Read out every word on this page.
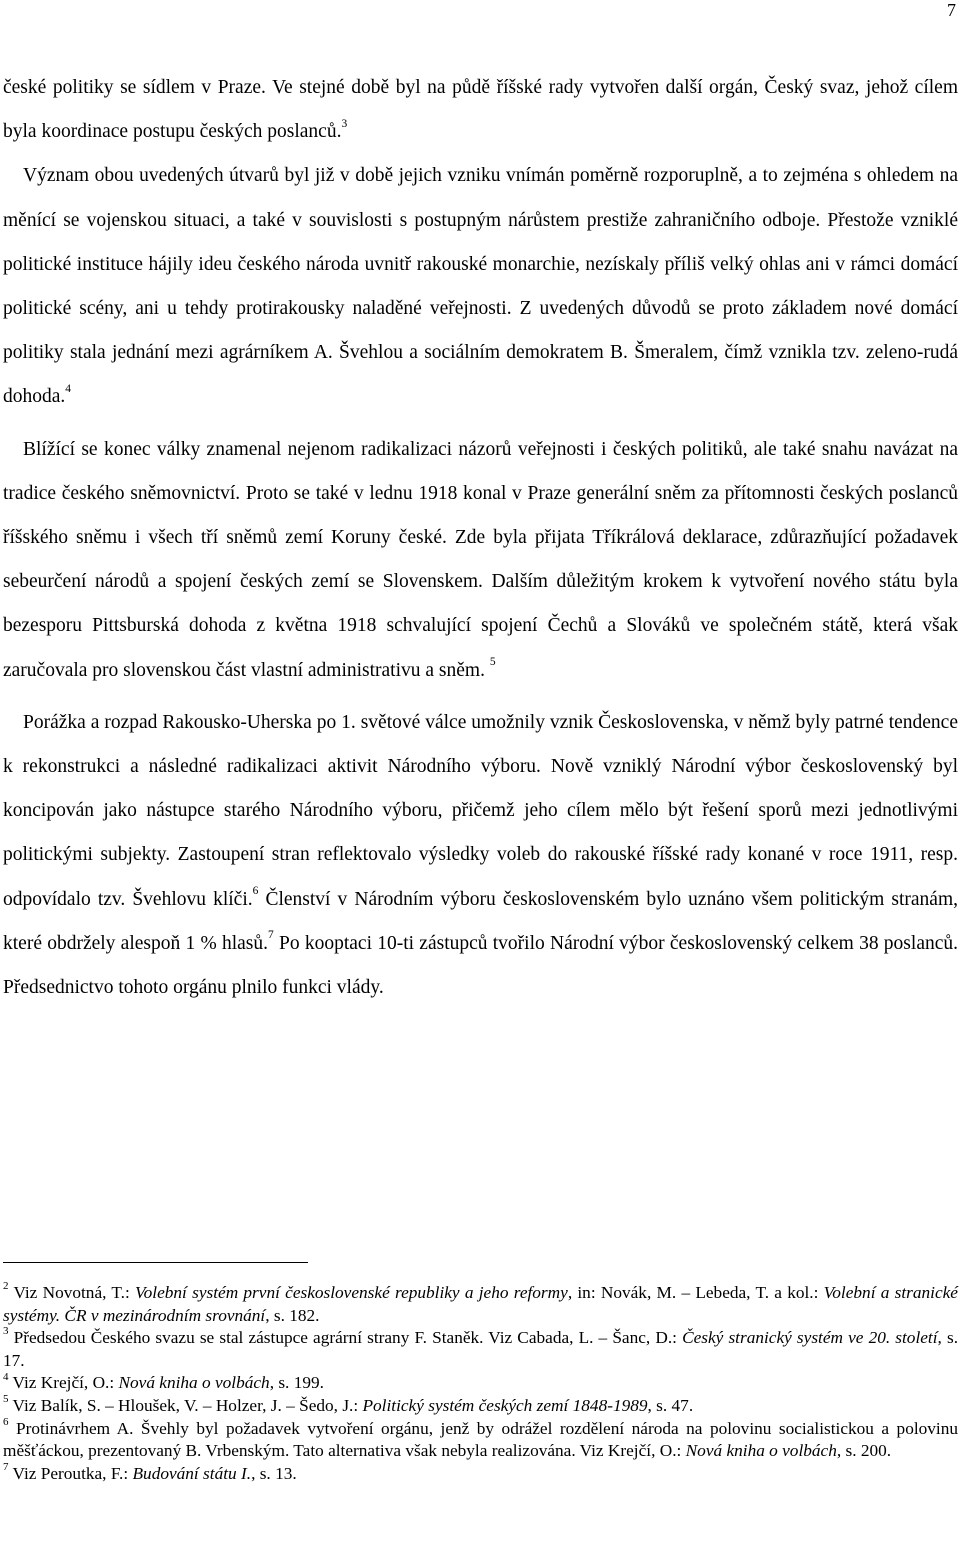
7

české politiky se sídlem v Praze. Ve stejné době byl na půdě říšské rady vytvořen další orgán, Český svaz, jehož cílem byla koordinace postupu českých poslanců.$^3$

Význam obou uvedených útvarů byl již v době jejich vzniku vnímán poměrně rozporuplně, a to zejména s ohledem na měnící se vojenskou situaci, a také v souvislosti s postupným nárůstem prestiže zahraničního odboje. Přestože vzniklé politické instituce hájily ideu českého národa uvnitř rakouské monarchie, nezískaly příliš velký ohlas ani v rámci domácí politické scény, ani u tehdy protirakousky naladěné veřejnosti. Z uvedených důvodů se proto základem nové domácí politiky stala jednání mezi agrárníkem A. Švehlou a sociálním demokratem B. Šmeralem, čímž vznikla tzv. zeleno-rudá dohoda.$^4$

Blížící se konec války znamenal nejenom radikalizaci názorů veřejnosti i českých politiků, ale také snahu navázat na tradice českého sněmovnictví. Proto se také v lednu 1918 konal v Praze generální sněm za přítomnosti českých poslanců říšského sněmu i všech tří sněmů zemí Koruny české. Zde byla přijata Tříkrálová deklarace, zdůrazňující požadavek sebeurčení národů a spojení českých zemí se Slovenskem. Dalším důležitým krokem k vytvoření nového státu byla bezesporu Pittsburská dohoda z května 1918 schvalující spojení Čechů a Slováků ve společném státě, která však zaručovala pro slovenskou část vlastní administrativu a sněm. $^5$

Porážka a rozpad Rakousko-Uherska po 1. světové válce umožnily vznik Československa, v němž byly patrné tendence k rekonstrukci a následné radikalizaci aktivit Národního výboru. Nově vzniklý Národní výbor československý byl koncipován jako nástupce starého Národního výboru, přičemž jeho cílem mělo být řešení sporů mezi jednotlivými politickými subjekty. Zastoupení stran reflektovalo výsledky voleb do rakouské říšské rady konané v roce 1911, resp. odpovídalo tzv. Švehlovu klíči.$^6$ Členství v Národním výboru československém bylo uznáno všem politickým stranám, které obdržely alespoň 1 % hlasů.$^7$ Po kooptaci 10-ti zástupců tvořilo Národní výbor československý celkem 38 poslanců. Předsednictvo tohoto orgánu plnilo funkci vlády.

$^2$ Viz Novotná, T.: Volební systém první československé republiky a jeho reformy, in: Novák, M. – Lebeda, T. a kol.: Volební a stranické systémy. ČR v mezinárodním srovnání, s. 182.

$^3$ Předsedou Českého svazu se stal zástupce agrární strany F. Staněk. Viz Cabada, L. – Šanc, D.: Český stranický systém ve 20. století, s. 17.

$^4$ Viz Krejčí, O.: Nová kniha o volbách, s. 199.

$^5$ Viz Balík, S. – Hloušek, V. – Holzer, J. – Šedo, J.: Politický systém českých zemí 1848-1989, s. 47.

$^6$ Protinávrhem A. Švehly byl požadavek vytvoření orgánu, jenž by odrážel rozdělení národa na polovinu socialistickou a polovinu měšťáckou, prezentovaný B. Vrbenským. Tato alternativa však nebyla realizována. Viz Krejčí, O.: Nová kniha o volbách, s. 200.

$^7$ Viz Peroutka, F.: Budování státu I., s. 13.
